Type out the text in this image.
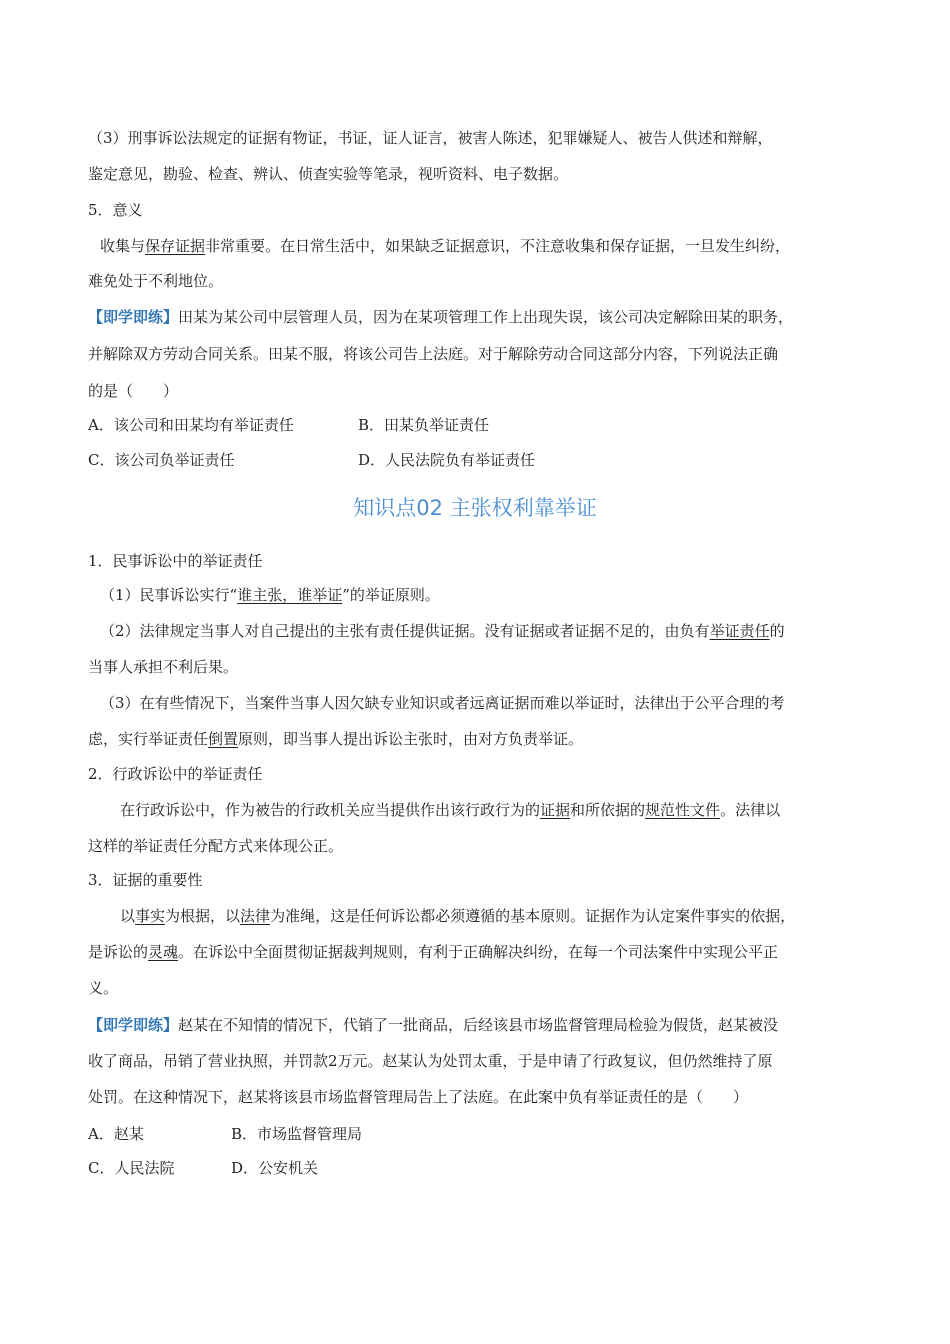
（3）刑事诉讼法规定的证据有物证，书证，证人证言，被害人陈述，犯罪嫌疑人、被告人供述和辩解，

鉴定意见，勘验、检查、辨认、侦查实验等笔录，视听资料、电子数据。

5．意义

收集与保存证据非常重要。在日常生活中，如果缺乏证据意识，不注意收集和保存证据，一旦发生纠纷，

难免处于不利地位。

【即学即练】田某为某公司中层管理人员，因为在某项管理工作上出现失误，该公司决定解除田某的职务，

并解除双方劳动合同关系。田某不服，将该公司告上法庭。对于解除劳动合同这部分内容，下列说法正确

的是（　　）

A．该公司和田某均有举证责任	B．田某负举证责任

C．该公司负举证责任	D．人民法院负有举证责任

知识点02 主张权利靠举证

1．民事诉讼中的举证责任

（1）民事诉讼实行“谁主张，谁举证”的举证原则。

（2）法律规定当事人对自己提出的主张有责任提供证据。没有证据或者证据不足的，由负有举证责任的

当事人承担不利后果。

（3）在有些情况下，当案件当事人因欠缺专业知识或者远离证据而难以举证时，法律出于公平合理的考

虑，实行举证责任倒置原则，即当事人提出诉讼主张时，由对方负责举证。

2．行政诉讼中的举证责任

在行政诉讼中，作为被告的行政机关应当提供作出该行政行为的证据和所依据的规范性文件。法律以

这样的举证责任分配方式来体现公正。

3．证据的重要性

以事实为根据，以法律为准绳，这是任何诉讼都必须遵循的基本原则。证据作为认定案件事实的依据，

是诉讼的灵魂。在诉讼中全面贯彻证据裁判规则，有利于正确解决纠纷，在每一个司法案件中实现公平正

义。

【即学即练】赵某在不知情的情况下，代销了一批商品，后经该县市场监督管理局检验为假货，赵某被没

收了商品，吊销了营业执照，并罚款2万元。赵某认为处罚太重，于是申请了行政复议，但仍然维持了原

处罚。在这种情况下，赵某将该县市场监督管理局告上了法庭。在此案中负有举证责任的是（　　）

A．赵某	B．市场监督管理局

C．人民法院	D．公安机关
